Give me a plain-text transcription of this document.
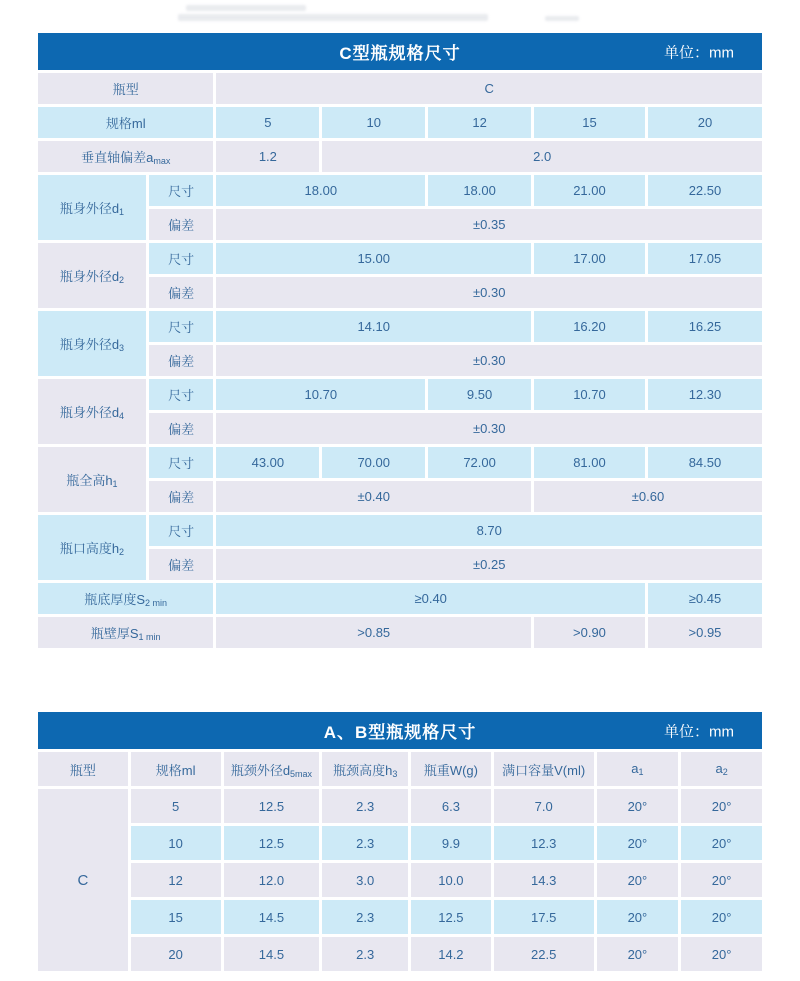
C型瓶规格尺寸	单位：mm
瓶型		C				
规格ml		5	10	12	15	20
垂直轴偏差$a_{max}$		1.2	2.0			
瓶身外径$d_1$	尺寸	18.00		18.00	21.00	22.50
	偏差	±0.35				
瓶身外径$d_2$	尺寸	15.00			17.00	17.05
	偏差	±0.30				
瓶身外径$d_3$	尺寸	14.10			16.20	16.25
	偏差	±0.30				
瓶身外径$d_4$	尺寸	10.70		9.50	10.70	12.30
	偏差	±0.30				
瓶全高$h_1$	尺寸	43.00	70.00	72.00	81.00	84.50
	偏差	±0.40			±0.60	
瓶口高度$h_2$	尺寸	8.70				
	偏差	±0.25				
瓶底厚度$S_{2 min}$		≥0.40				≥0.45
瓶壁厚$S_{1 min}$		>0.85			>0.90	>0.95
A、B型瓶规格尺寸	单位：mm
瓶型	规格ml	瓶颈外径$d_{5max}$	瓶颈高度$h_3$	瓶重W(g)	满口容量V(ml)	$a_1$	$a_2$
C	5	12.5	2.3	6.3	7.0	20°	20°
	10	12.5	2.3	9.9	12.3	20°	20°
	12	12.0	3.0	10.0	14.3	20°	20°
	15	14.5	2.3	12.5	17.5	20°	20°
	20	14.5	2.3	14.2	22.5	20°	20°
